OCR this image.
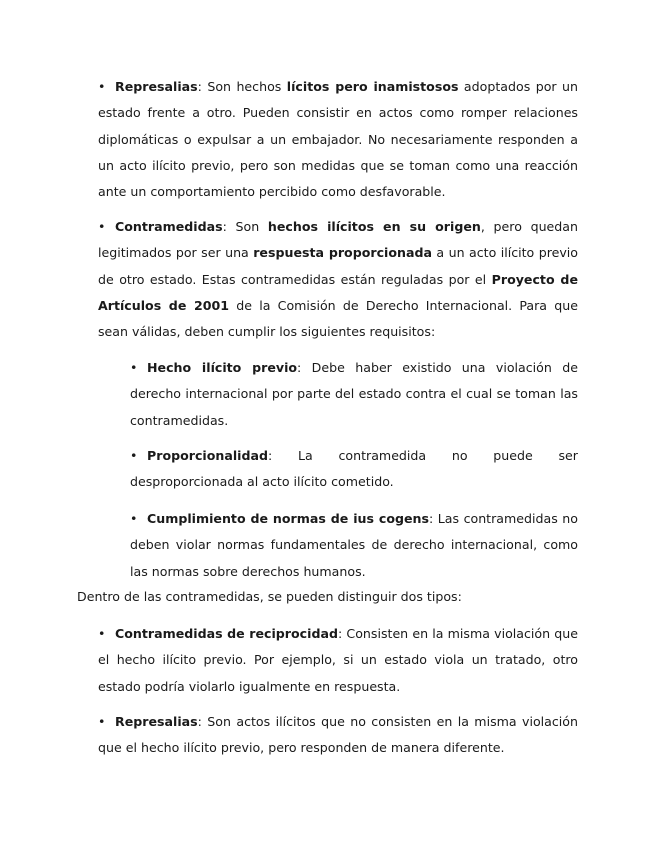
• Represalias: Son hechos lícitos pero inamistosos adoptados por un estado frente a otro. Pueden consistir en actos como romper relaciones diplomáticas o expulsar a un embajador. No necesariamente responden a un acto ilícito previo, pero son medidas que se toman como una reacción ante un comportamiento percibido como desfavorable.
• Contramedidas: Son hechos ilícitos en su origen, pero quedan legitimados por ser una respuesta proporcionada a un acto ilícito previo de otro estado. Estas contramedidas están reguladas por el Proyecto de Artículos de 2001 de la Comisión de Derecho Internacional. Para que sean válidas, deben cumplir los siguientes requisitos:
• Hecho ilícito previo: Debe haber existido una violación de derecho internacional por parte del estado contra el cual se toman las contramedidas.
• Proporcionalidad: La contramedida no puede ser desproporcionada al acto ilícito cometido.
• Cumplimiento de normas de ius cogens: Las contramedidas no deben violar normas fundamentales de derecho internacional, como las normas sobre derechos humanos.
Dentro de las contramedidas, se pueden distinguir dos tipos:
• Contramedidas de reciprocidad: Consisten en la misma violación que el hecho ilícito previo. Por ejemplo, si un estado viola un tratado, otro estado podría violarlo igualmente en respuesta.
• Represalias: Son actos ilícitos que no consisten en la misma violación que el hecho ilícito previo, pero responden de manera diferente.
